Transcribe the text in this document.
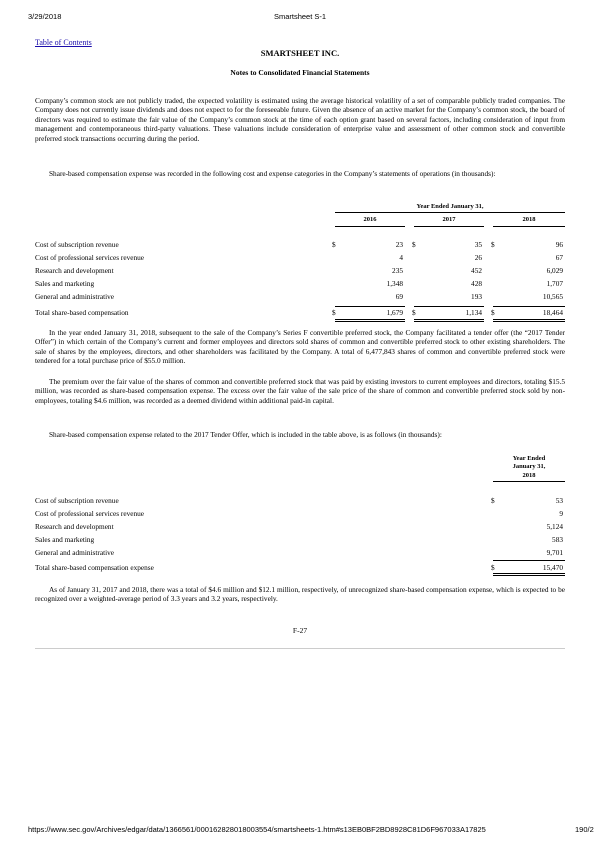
3/29/2018	Smartsheet S-1
Table of Contents
SMARTSHEET INC.
Notes to Consolidated Financial Statements
Company’s common stock are not publicly traded, the expected volatility is estimated using the average historical volatility of a set of comparable publicly traded companies. The Company does not currently issue dividends and does not expect to for the foreseeable future. Given the absence of an active market for the Company’s common stock, the board of directors was required to estimate the fair value of the Company’s common stock at the time of each option grant based on several factors, including consideration of input from management and contemporaneous third-party valuations. These valuations include consideration of enterprise value and assessment of other common stock and convertible preferred stock transactions occurring during the period.
Share-based compensation expense was recorded in the following cost and expense categories in the Company’s statements of operations (in thousands):
Year Ended January 31,
2016	2017	2018
Cost of subscription revenue	$	23 $	35 $	96
Cost of professional services revenue	4	26	67
Research and development	235	452	6,029
Sales and marketing	1,348	428	1,707
General and administrative	69	193	10,565
Total share-based compensation	$	1,679 $	1,134 $	18,464
In the year ended January 31, 2018, subsequent to the sale of the Company’s Series F convertible preferred stock, the Company facilitated a tender offer (the “2017 Tender Offer”) in which certain of the Company’s current and former employees and directors sold shares of common and convertible preferred stock to other existing shareholders. The sale of shares by the employees, directors, and other shareholders was facilitated by the Company. A total of 6,477,843 shares of common and convertible preferred stock were tendered for a total purchase price of $55.0 million.
The premium over the fair value of the shares of common and convertible preferred stock that was paid by existing investors to current employees and directors, totaling $15.5 million, was recorded as share-based compensation expense. The excess over the fair value of the sale price of the share of common and convertible preferred stock sold by non-employees, totaling $4.6 million, was recorded as a deemed dividend within additional paid-in capital.
Share-based compensation expense related to the 2017 Tender Offer, which is included in the table above, is as follows (in thousands):
Year Ended
January 31,
2018
Cost of subscription revenue	$	53
Cost of professional services revenue	9
Research and development	5,124
Sales and marketing	583
General and administrative	9,701
Total share-based compensation expense	$	15,470
As of January 31, 2017 and 2018, there was a total of $4.6 million and $12.1 million, respectively, of unrecognized share-based compensation expense, which is expected to be recognized over a weighted-average period of 3.3 years and 3.2 years, respectively.
F-27
https://www.sec.gov/Archives/edgar/data/1366561/000162828018003554/smartsheets-1.htm#s13EB0BF2BD8928C81D6F967033A17825	190/2
